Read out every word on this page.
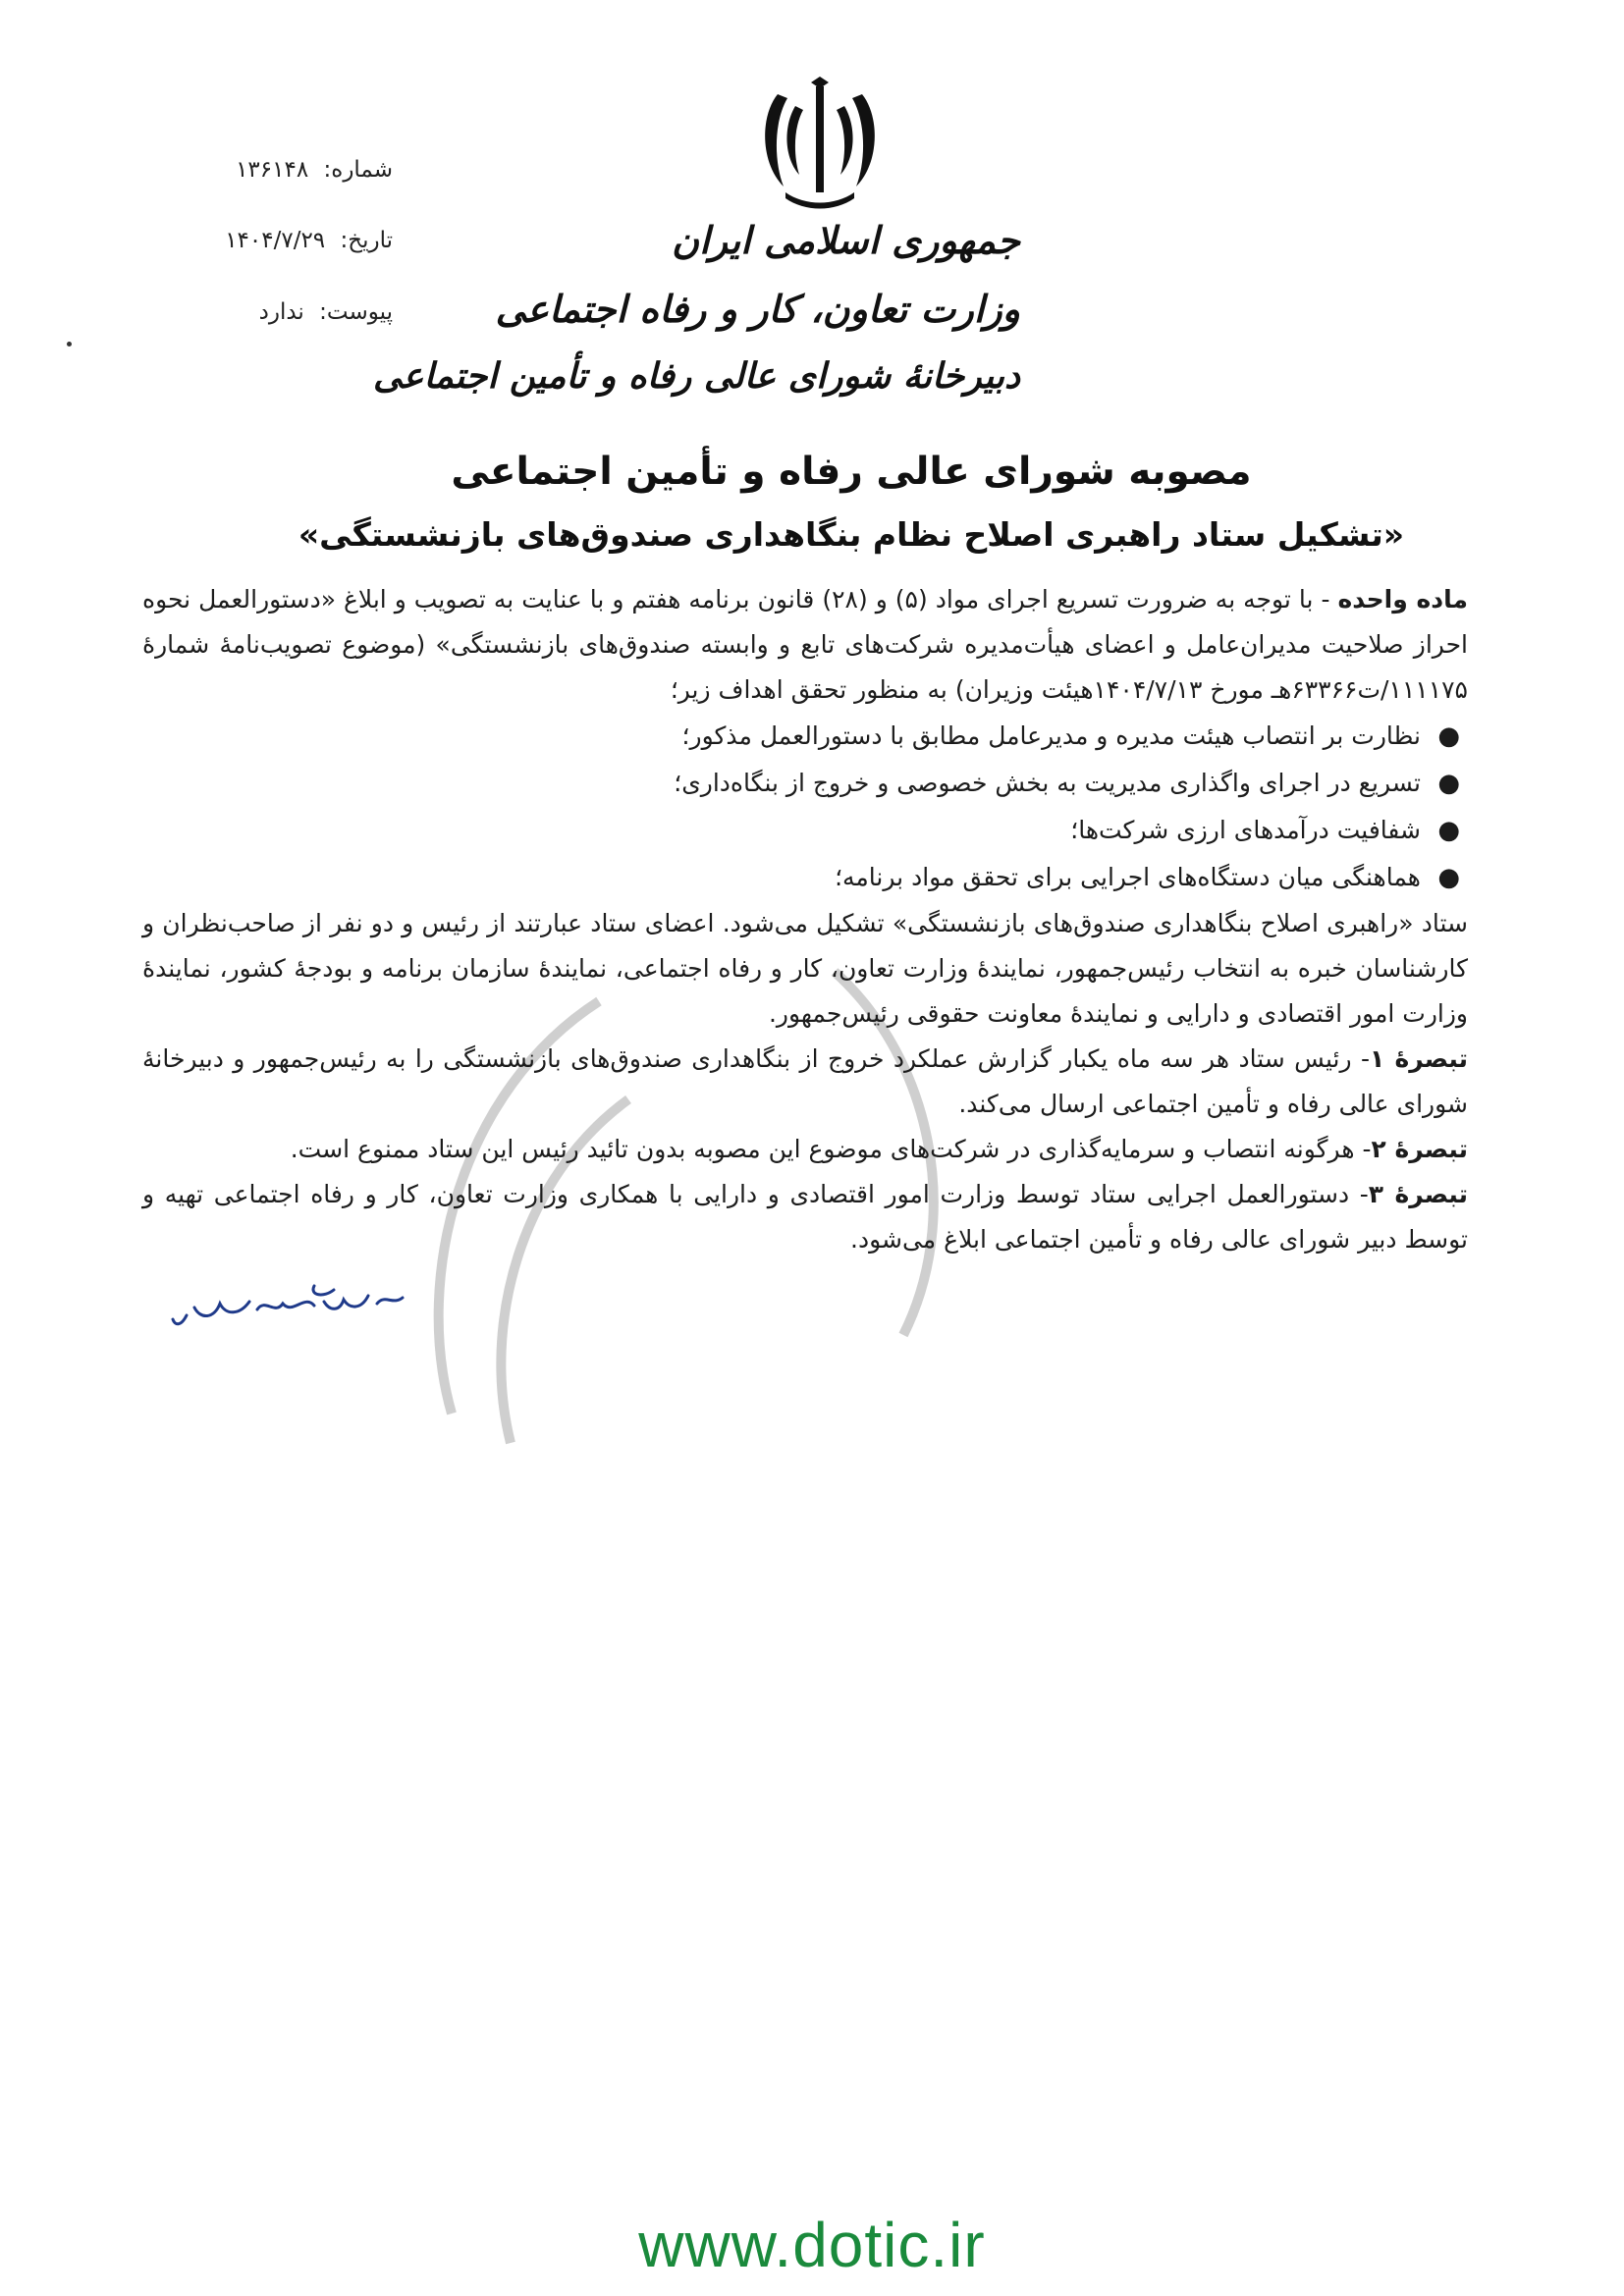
جمهوری اسلامی ایران
وزارت تعاون، کار و رفاه اجتماعی
دبیرخانهٔ شورای عالی رفاه و تأمین اجتماعی
شماره: ۱۳۶۱۴۸
تاریخ: ۱۴۰۴/۷/۲۹
پیوست: ندارد
مصوبه شورای عالی رفاه و تأمین اجتماعی
«تشکیل ستاد راهبری اصلاح نظام بنگاهداری صندوق‌های بازنشستگی»

ماده واحده - با توجه به ضرورت تسریع اجرای مواد (۵) و (۲۸) قانون برنامه هفتم و با عنایت به تصویب و ابلاغ «دستورالعمل نحوه احراز صلاحیت مدیران‌عامل و اعضای هیأت‌مدیره شرکت‌های تابع و وابسته صندوق‌های بازنشستگی» (موضوع تصویب‌نامهٔ شمارهٔ ۱۱۱۱۷۵/ت۶۳۳۶۶هـ مورخ ۱۴۰۴/۷/۱۳هیئت وزیران) به منظور تحقق اهداف زیر؛

●
نظارت بر انتصاب هیئت مدیره و مدیرعامل مطابق با دستورالعمل مذکور؛
●
تسریع در اجرای واگذاری مدیریت به بخش خصوصی و خروج از بنگاه‌داری؛
●
شفافیت درآمدهای ارزی شرکت‌ها؛
●
هماهنگی میان دستگاه‌های اجرایی برای تحقق مواد برنامه؛

ستاد «راهبری اصلاح بنگاهداری صندوق‌های بازنشستگی» تشکیل می‌شود. اعضای ستاد عبارتند از رئیس و دو نفر از صاحب‌نظران و کارشناسان خبره به انتخاب رئیس‌جمهور، نمایندهٔ وزارت تعاون، کار و رفاه اجتماعی، نمایندهٔ سازمان برنامه و بودجهٔ کشور، نمایندهٔ وزارت امور اقتصادی و دارایی و نمایندهٔ معاونت حقوقی رئیس‌جمهور.

تبصرهٔ ۱- رئیس ستاد هر سه ماه یکبار گزارش عملکرد خروج از بنگاهداری صندوق‌های بازنشستگی را به رئیس‌جمهور و دبیرخانهٔ شورای عالی رفاه و تأمین اجتماعی ارسال می‌کند.

تبصرهٔ ۲- هرگونه انتصاب و سرمایه‌گذاری در شرکت‌های موضوع این مصوبه بدون تائید رئیس این ستاد ممنوع است.

تبصرهٔ ۳- دستورالعمل اجرایی ستاد توسط وزارت امور اقتصادی و دارایی با همکاری وزارت تعاون، کار و رفاه اجتماعی تهیه و توسط دبیر شورای عالی رفاه و تأمین اجتماعی ابلاغ می‌شود.

www.dotic.ir
